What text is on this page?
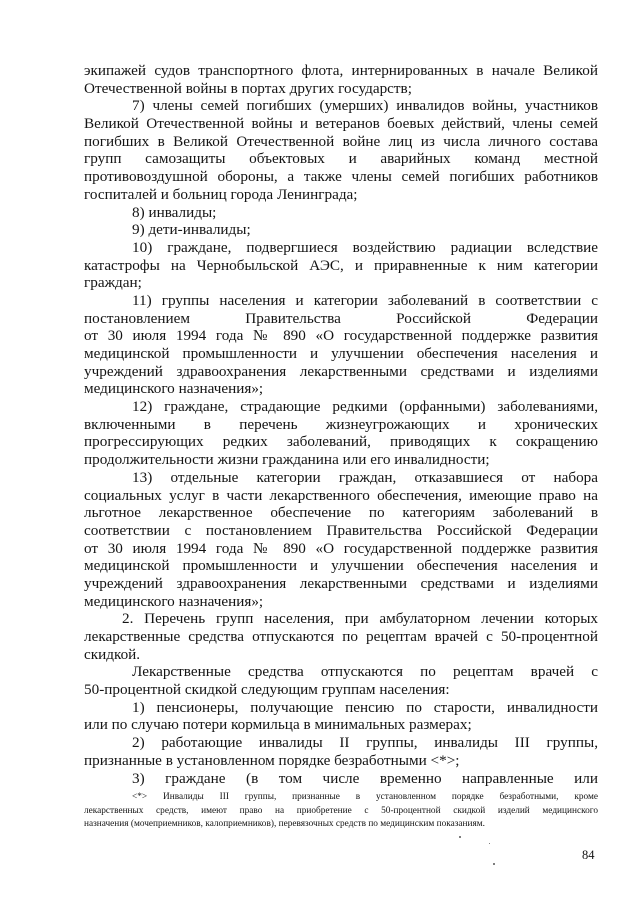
экипажей судов транспортного флота, интернированных в начале Великой
Отечественной войны в портах других государств;
7) члены семей погибших (умерших) инвалидов войны, участников
Великой Отечественной войны и ветеранов боевых действий, члены семей
погибших в Великой Отечественной войне лиц из числа личного состава
групп самозащиты объектовых и аварийных команд местной
противовоздушной обороны, а также члены семей погибших работников
госпиталей и больниц города Ленинграда;
8) инвалиды;
9) дети-инвалиды;
10) граждане, подвергшиеся воздействию радиации вследствие
катастрофы на Чернобыльской АЭС, и приравненные к ним категории
граждан;
11) группы населения и категории заболеваний в соответствии с
постановлением Правительства Российской Федерации
от 30 июля 1994 года № 890 «О государственной поддержке развития
медицинской промышленности и улучшении обеспечения населения и
учреждений здравоохранения лекарственными средствами и изделиями
медицинского назначения»;
12) граждане, страдающие редкими (орфанными) заболеваниями,
включенными в перечень жизнеугрожающих и хронических
прогрессирующих редких заболеваний, приводящих к сокращению
продолжительности жизни гражданина или его инвалидности;
13) отдельные категории граждан, отказавшиеся от набора
социальных услуг в части лекарственного обеспечения, имеющие право на
льготное лекарственное обеспечение по категориям заболеваний в
соответствии с постановлением Правительства Российской Федерации
от 30 июля 1994 года № 890 «О государственной поддержке развития
медицинской промышленности и улучшении обеспечения населения и
учреждений здравоохранения лекарственными средствами и изделиями
медицинского назначения»;
2. Перечень групп населения, при амбулаторном лечении которых
лекарственные средства отпускаются по рецептам врачей с 50-процентной
скидкой.
Лекарственные средства отпускаются по рецептам врачей с
50-процентной скидкой следующим группам населения:
1) пенсионеры, получающие пенсию по старости, инвалидности
или по случаю потери кормильца в минимальных размерах;
2) работающие инвалиды II группы, инвалиды III группы,
признанные в установленном порядке безработными <*>;
3) граждане (в том числе временно направленные или
<*> Инвалиды III группы, признанные в установленном порядке безработными, кроме
лекарственных средств, имеют право на приобретение с 50-процентной скидкой изделий медицинского
назначения (мочеприемников, калоприемников), перевязочных средств по медицинским показаниям.
84
